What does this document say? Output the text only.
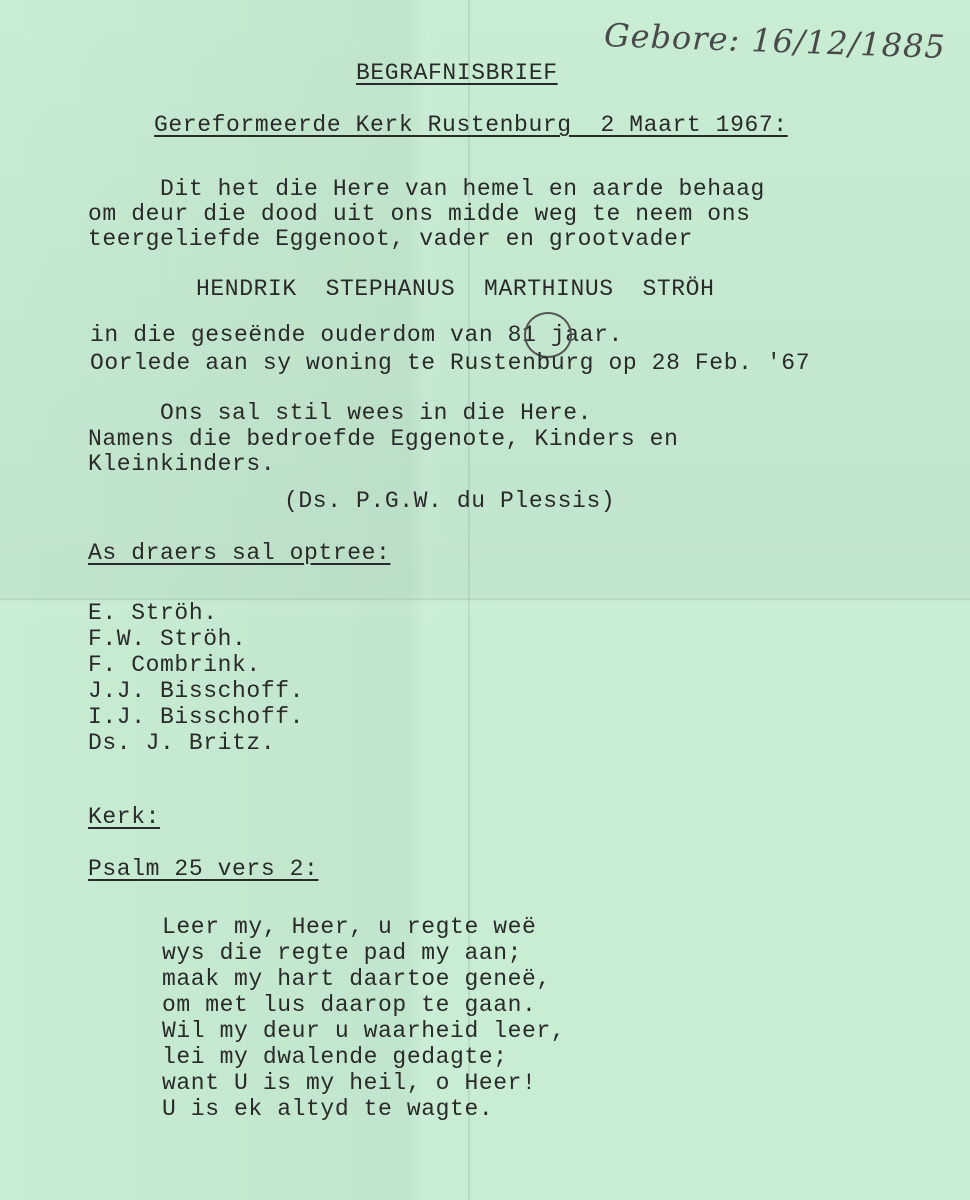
Gebore: 16/12/1885
BEGRAFNISBRIEF
Gereformeerde Kerk Rustenburg  2 Maart 1967:
Dit het die Here van hemel en aarde behaag
om deur die dood uit ons midde weg te neem ons
teergeliefde Eggenoot, vader en grootvader
HENDRIK  STEPHANUS  MARTHINUS  STRÖH
in die geseënde ouderdom van 81 jaar.
Oorlede aan sy woning te Rustenburg op 28 Feb. '67
Ons sal stil wees in die Here.
Namens die bedroefde Eggenote, Kinders en
Kleinkinders.
(Ds. P.G.W. du Plessis)
As draers sal optree:
E. Ströh.
F.W. Ströh.
F. Combrink.
J.J. Bisschoff.
I.J. Bisschoff.
Ds. J. Britz.
Kerk:
Psalm 25 vers 2:
Leer my, Heer, u regte weë
wys die regte pad my aan;
maak my hart daartoe geneë,
om met lus daarop te gaan.
Wil my deur u waarheid leer,
lei my dwalende gedagte;
want U is my heil, o Heer!
U is ek altyd te wagte.
